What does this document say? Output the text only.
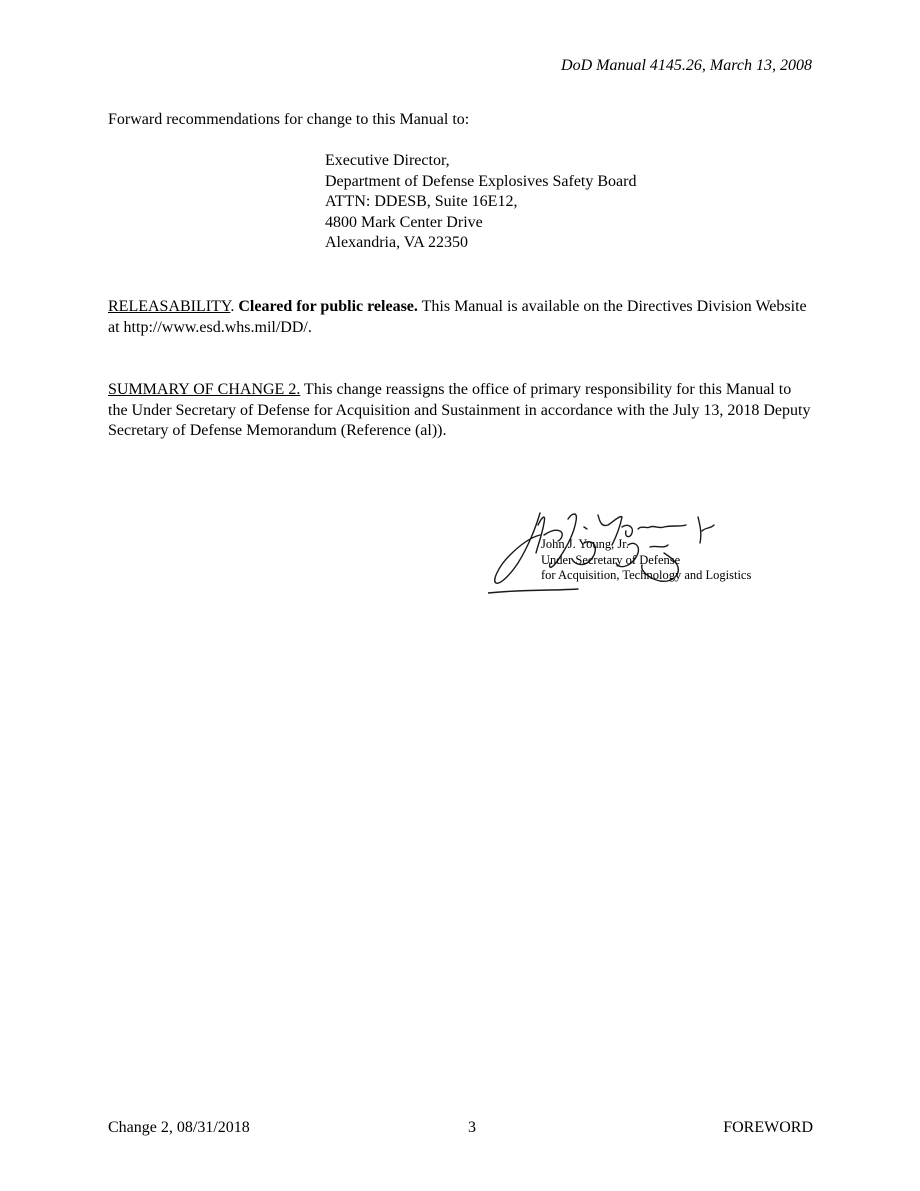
DoD Manual 4145.26, March 13, 2008
Forward recommendations for change to this Manual to:
Executive Director,
Department of Defense Explosives Safety Board
ATTN: DDESB, Suite 16E12,
4800 Mark Center Drive
Alexandria, VA 22350
RELEASABILITY. Cleared for public release. This Manual is available on the Directives Division Website at http://www.esd.whs.mil/DD/.
SUMMARY OF CHANGE 2. This change reassigns the office of primary responsibility for this Manual to the Under Secretary of Defense for Acquisition and Sustainment in accordance with the July 13, 2018 Deputy Secretary of Defense Memorandum (Reference (al)).
John J. Young, Jr.
Under Secretary of Defense
for Acquisition, Technology and Logistics
Change 2, 08/31/2018	3	FOREWORD
